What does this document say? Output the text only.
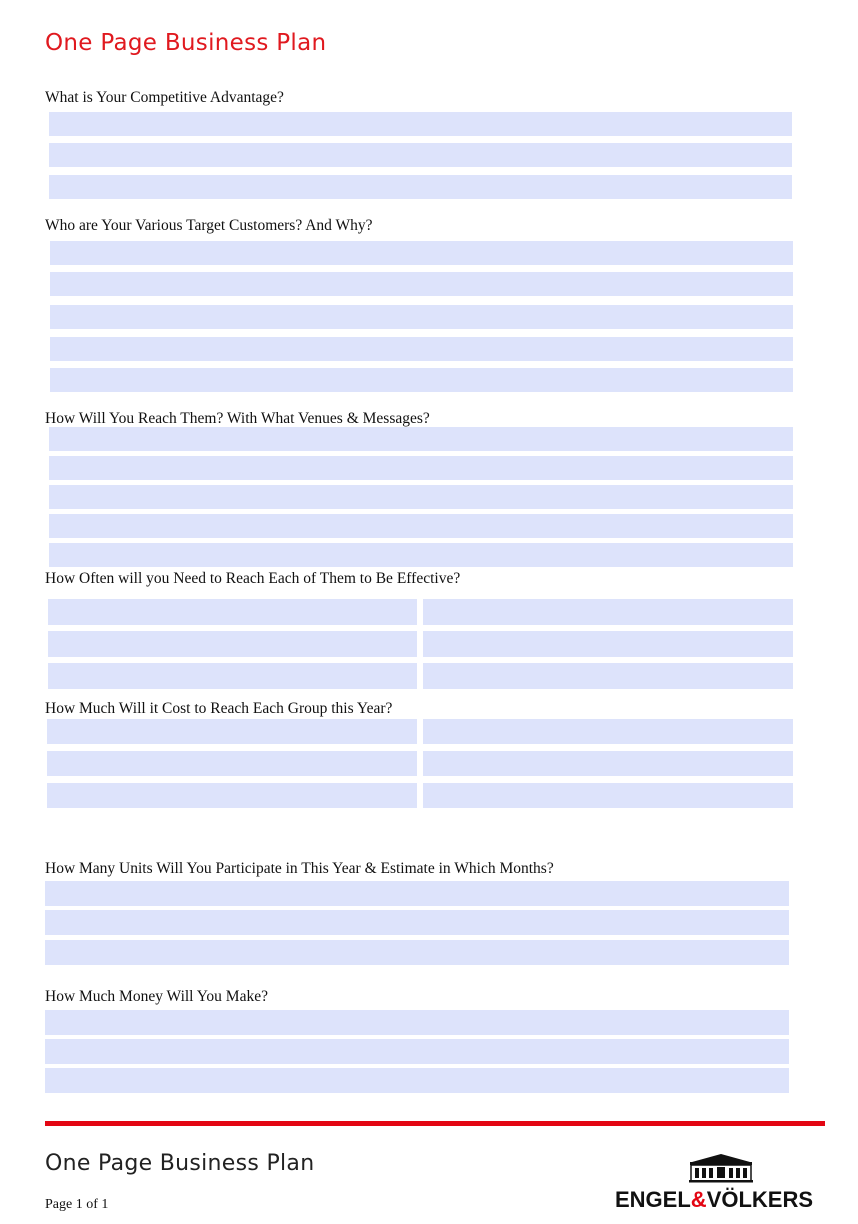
One Page Business Plan
What is Your Competitive Advantage?
Who are Your Various Target Customers? And Why?
How Will You Reach Them? With What Venues & Messages?
How Often will you Need to Reach Each of Them to Be Effective?
How Much Will it Cost to Reach Each Group this Year?
How Many Units Will You Participate in This Year & Estimate in Which Months?
How Much Money Will You Make?
One Page Business Plan
Page 1 of 1	ENGEL&VÖLKERS
